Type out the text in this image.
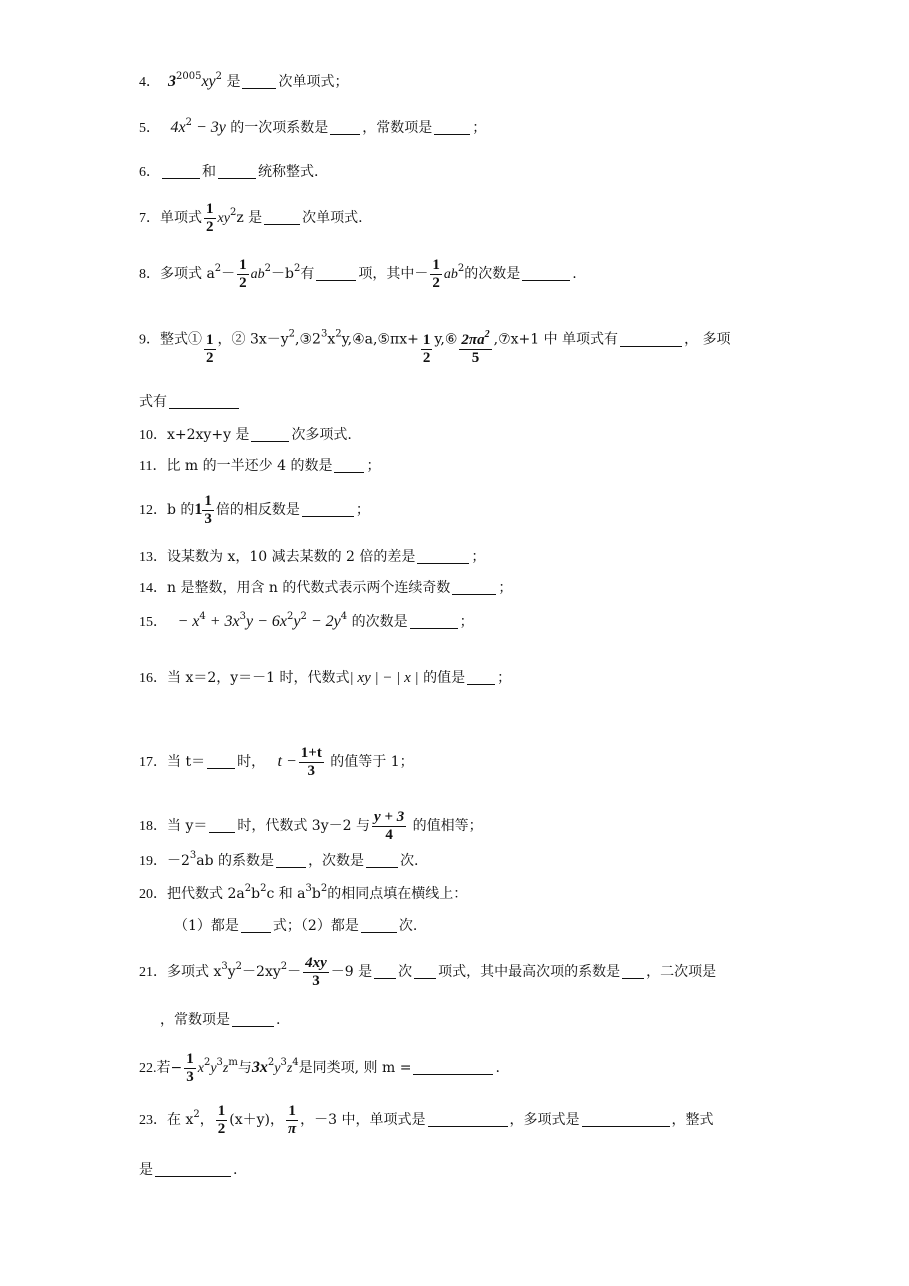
4． $3^{2005}xy^2$ 是	次单项式；
5． $4x^2 - 3y$ 的一次项系数是 ，常数项是	；
6．	和	统称整式.
7．单项式 $\frac{1}{2} xy^2z$ 是	次单项式.
8．多项式 $a^2- \frac{1}{2} ab^2-b^2$有	项，其中－ $\frac{1}{2} ab^2$的次数是	.
9．整式① $\frac{1}{2}$ ，② $3x-y^2,③2^3x^2y,④a,⑤\pi x+ \frac{1}{2}$ y,⑥ $\frac{2\pi a^2}{5}$ ,⑦x+1 中 单项式有	， 多项
式有
10．x+2xy+y 是	次多项式.
11．比 m 的一半还少 4 的数是 ；
12．b 的$1 \frac{1}{3}$ 倍的相反数是	；
13．设某数为 x，10 减去某数的 2 倍的差是	；
14．n 是整数，用含 n 的代数式表示两个连续奇数	；
15． − $x^4 + 3x^3y - 6x^2y^2 - 2y^4$ 的次数是	；
16．当 x＝2，y＝－1 时，代数式| xy | − | x | 的值是 ；
17．当 t＝ 时， $t - \frac{1+t}{3}$ 的值等于 1；
18．当 y＝ 时，代数式 3y－2 与 $\frac{y + 3}{4}$ 的值相等；
19．$-2^3ab$ 的系数是 ，次数是	次.
20．把代数式 $2a^2b^2c$ 和 $a^3b^2$的相同点填在横线上：
（1）都是 式；（2）都是	次.
21．多项式 $x^3y^2-2xy^2- \frac{4xy}{3} -9$ 是 次 项式，其中最高次项的系数是 ，二次项是
，常数项是	.
22.若− $\frac{1}{3} x^2y^3z^m$与$3x^2y^3z^4$是同类项, 则 m =	.
23．在 $x^2$， $\frac{1}{2} (x+y)$， $\frac{1}{\pi}$ ，－3 中，单项式是	，多项式是	，整式
是	.
